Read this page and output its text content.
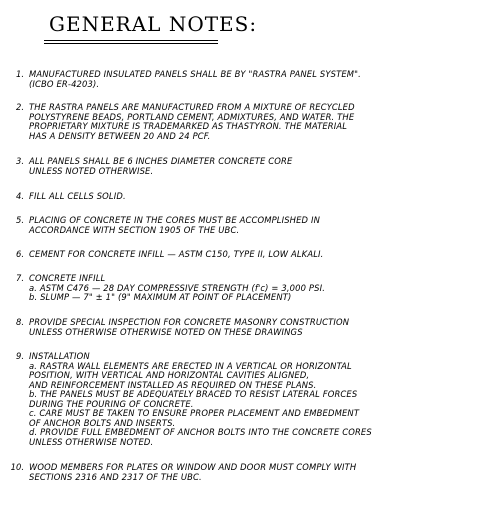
GENERAL NOTES:
1. MANUFACTURED INSULATED PANELS SHALL BE BY "RASTRA PANEL SYSTEM".
(ICBO ER-4203).
2. THE RASTRA PANELS ARE MANUFACTURED FROM A MIXTURE OF RECYCLED
POLYSTYRENE BEADS, PORTLAND CEMENT, ADMIXTURES, AND WATER. THE
PROPRIETARY MIXTURE IS TRADEMARKED AS THASTYRON. THE MATERIAL
HAS A DENSITY BETWEEN 20 AND 24 PCF.
3. ALL PANELS SHALL BE 6 INCHES DIAMETER CONCRETE CORE
UNLESS NOTED OTHERWISE.
4. FILL ALL CELLS SOLID.
5. PLACING OF CONCRETE IN THE CORES MUST BE ACCOMPLISHED IN
ACCORDANCE WITH SECTION 1905 OF THE UBC.
6. CEMENT FOR CONCRETE INFILL — ASTM C150, TYPE II, LOW ALKALI.
7. CONCRETE INFILL
a. ASTM C476 — 28 DAY COMPRESSIVE STRENGTH (f'c) = 3,000 PSI.
b. SLUMP — 7" ± 1" (9" MAXIMUM AT POINT OF PLACEMENT)
8. PROVIDE SPECIAL INSPECTION FOR CONCRETE MASONRY CONSTRUCTION
UNLESS OTHERWISE OTHERWISE NOTED ON THESE DRAWINGS
9. INSTALLATION
a. RASTRA WALL ELEMENTS ARE ERECTED IN A VERTICAL OR HORIZONTAL
POSITION, WITH VERTICAL AND HORIZONTAL CAVITIES ALIGNED,
AND REINFORCEMENT INSTALLED AS REQUIRED ON THESE PLANS.
b. THE PANELS MUST BE ADEQUATELY BRACED TO RESIST LATERAL FORCES
DURING THE POURING OF CONCRETE.
c. CARE MUST BE TAKEN TO ENSURE PROPER PLACEMENT AND EMBEDMENT
OF ANCHOR BOLTS AND INSERTS.
d. PROVIDE FULL EMBEDMENT OF ANCHOR BOLTS INTO THE CONCRETE CORES
UNLESS OTHERWISE NOTED.
10. WOOD MEMBERS FOR PLATES OR WINDOW AND DOOR MUST COMPLY WITH
SECTIONS 2316 AND 2317 OF THE UBC.
